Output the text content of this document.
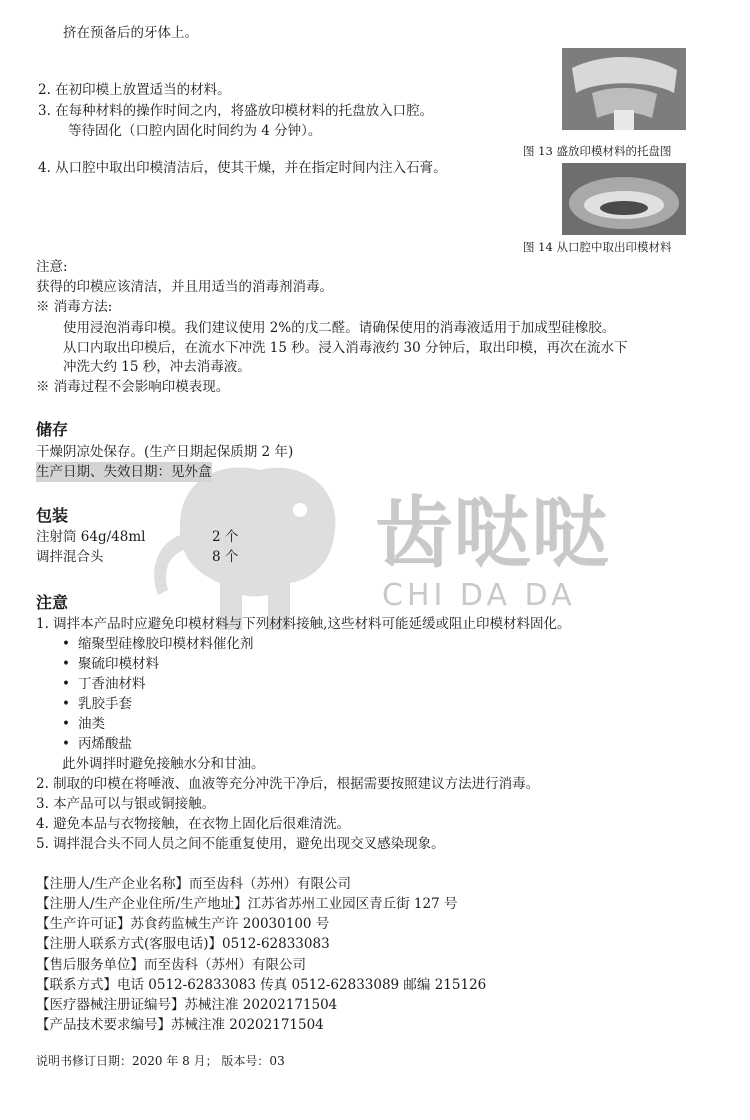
齿哒哒
CHI DA DA
挤在预备后的牙体上。
2. 在初印模上放置适当的材料。
3. 在每种材料的操作时间之内，将盛放印模材料的托盘放入口腔。
等待固化（口腔内固化时间约为 4 分钟）。
4. 从口腔中取出印模清洁后，使其干燥，并在指定时间内注入石膏。
图 13 盛放印模材料的托盘图
图 14 从口腔中取出印模材料
注意:
获得的印模应该清洁，并且用适当的消毒剂消毒。
※ 消毒方法:
使用浸泡消毒印模。我们建议使用 2%的戊二醛。请确保使用的消毒液适用于加成型硅橡胶。
从口内取出印模后，在流水下冲洗 15 秒。浸入消毒液约 30 分钟后，取出印模，再次在流水下
冲洗大约 15 秒，冲去消毒液。
※ 消毒过程不会影响印模表现。
储存
干燥阴凉处保存。(生产日期起保质期 2 年)
生产日期、失效日期：见外盒
包装
注射筒 64g/48ml	2 个
调拌混合头	8 个
注意
1. 调拌本产品时应避免印模材料与下列材料接触,这些材料可能延缓或阻止印模材料固化。
• 缩聚型硅橡胶印模材料催化剂
• 聚硫印模材料
• 丁香油材料
• 乳胶手套
• 油类
• 丙烯酸盐
此外调拌时避免接触水分和甘油。
2. 制取的印模在将唾液、血液等充分冲洗干净后，根据需要按照建议方法进行消毒。
3. 本产品可以与银或铜接触。
4. 避免本品与衣物接触，在衣物上固化后很难清洗。
5. 调拌混合头不同人员之间不能重复使用，避免出现交叉感染现象。
【注册人/生产企业名称】而至齿科（苏州）有限公司
【注册人/生产企业住所/生产地址】江苏省苏州工业园区青丘街 127 号
【生产许可证】苏食药监械生产许 20030100 号
【注册人联系方式(客服电话)】0512-62833083
【售后服务单位】而至齿科（苏州）有限公司
【联系方式】电话 0512-62833083 传真 0512-62833089 邮编 215126
【医疗器械注册证编号】苏械注准 20202171504
【产品技术要求编号】苏械注准 20202171504
说明书修订日期：2020 年 8 月； 版本号：03
